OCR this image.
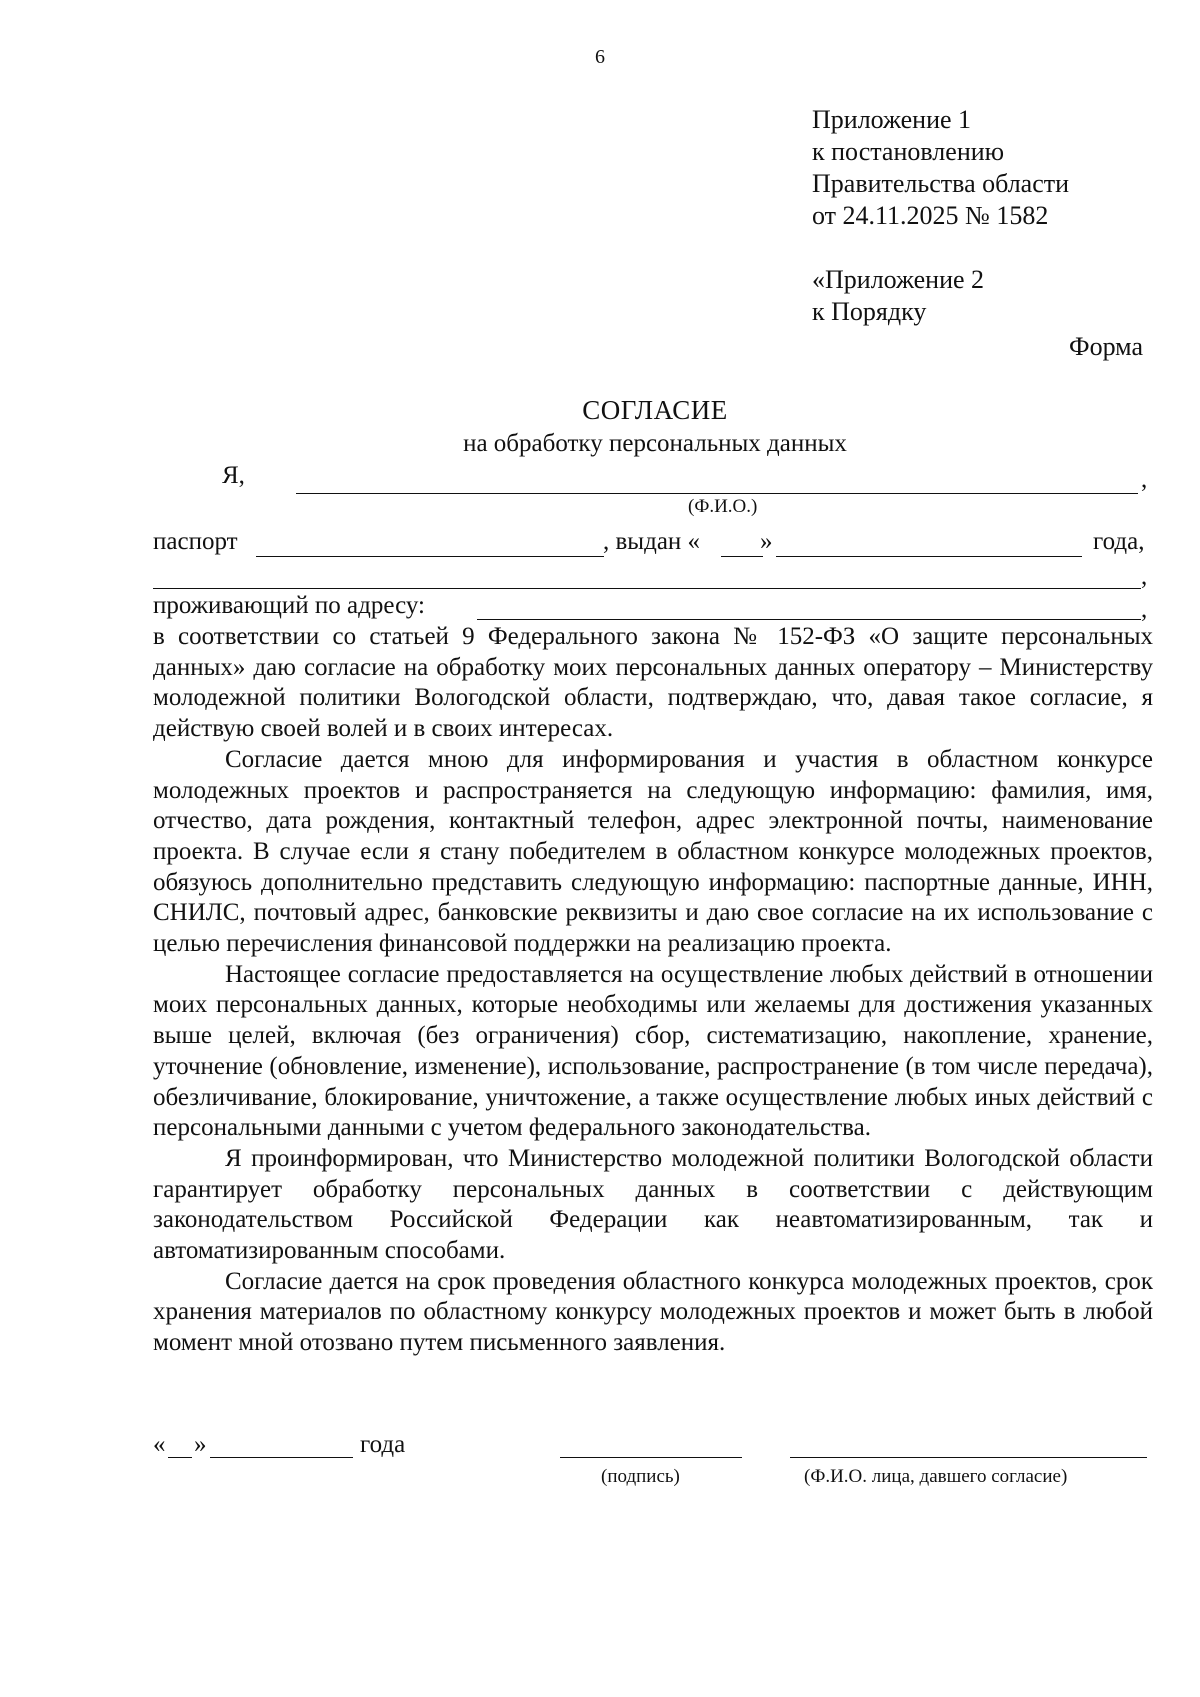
6
Приложение 1
к постановлению
Правительства области
от 24.11.2025 № 1582
«Приложение 2
к Порядку
Форма
СОГЛАСИЕ
на обработку персональных данных
Я,	,
(Ф.И.О.)
паспорт	, выдан « »	года,
,
проживающий по адресу:	,

в соответствии со статьей 9 Федерального закона № 152-ФЗ «О защите персональных данных» даю согласие на обработку моих персональных данных оператору – Министерству молодежной политики Вологодской области, подтверждаю, что, давая такое согласие, я действую своей волей и в своих интересах.

Согласие дается мною для информирования и участия в областном конкурсе молодежных проектов и распространяется на следующую информацию: фамилия, имя, отчество, дата рождения, контактный телефон, адрес электронной почты, наименование проекта. В случае если я стану победителем в областном конкурсе молодежных проектов, обязуюсь дополнительно представить следующую информацию: паспортные данные, ИНН, СНИЛС, почтовый адрес, банковские реквизиты и даю свое согласие на их использование с целью перечисления финансовой поддержки на реализацию проекта.

Настоящее согласие предоставляется на осуществление любых действий в отношении моих персональных данных, которые необходимы или желаемы для достижения указанных выше целей, включая (без ограничения) сбор, систематизацию, накопление, хранение, уточнение (обновление, изменение), использование, распространение (в том числе передача), обезличивание, блокирование, уничтожение, а также осуществление любых иных действий с персональными данными с учетом федерального законодательства.

Я проинформирован, что Министерство молодежной политики Вологодской области гарантирует обработку персональных данных в соответствии с действующим законодательством Российской Федерации как неавтоматизированным, так и автоматизированным способами.

Согласие дается на срок проведения областного конкурса молодежных проектов, срок хранения материалов по областному конкурсу молодежных проектов и может быть в любой момент мной отозвано путем письменного заявления.

« »	года
(подпись)	(Ф.И.О. лица, давшего согласие)
